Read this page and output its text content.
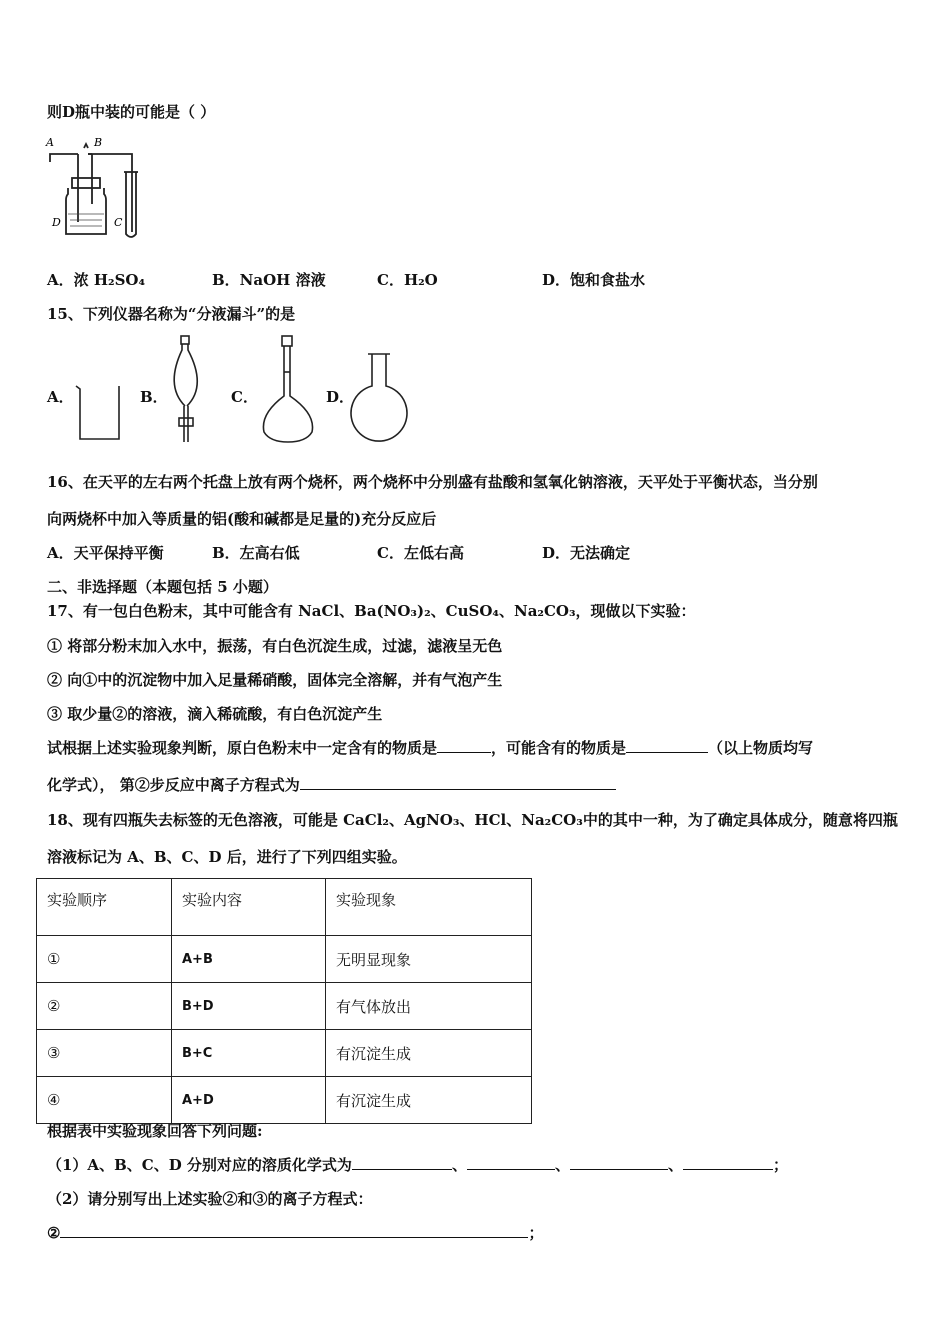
则D瓶中装的可能是（ ）
A	B
D	C
A．浓 H₂SO₄	B．NaOH 溶液	C．H₂O	D．饱和食盐水
15、下列仪器名称为“分液漏斗”的是
A．	B．	C．	D．
16、在天平的左右两个托盘上放有两个烧杯，两个烧杯中分别盛有盐酸和氢氧化钠溶液，天平处于平衡状态，当分别
向两烧杯中加入等质量的铝(酸和碱都是足量的)充分反应后
A．天平保持平衡	B．左高右低	C．左低右高	D．无法确定
二、非选择题（本题包括 5 小题）
17、有一包白色粉末，其中可能含有 NaCl、Ba(NO₃)₂、CuSO₄、Na₂CO₃，现做以下实验：
① 将部分粉末加入水中，振荡，有白色沉淀生成，过滤，滤液呈无色
② 向①中的沉淀物中加入足量稀硝酸，固体完全溶解，并有气泡产生
③ 取少量②的溶液，滴入稀硫酸，有白色沉淀产生
试根据上述实验现象判断，原白色粉末中一定含有的物质是	，可能含有的物质是	（以上物质均写
化学式）， 第②步反应中离子方程式为
18、现有四瓶失去标签的无色溶液，可能是 CaCl₂、AgNO₃、HCl、Na₂CO₃中的其中一种，为了确定具体成分，随意将四瓶
溶液标记为 A、B、C、D 后，进行了下列四组实验。
实验顺序	实验内容	实验现象
①	A+B	无明显现象
②	B+D	有气体放出
③	B+C	有沉淀生成
④	A+D	有沉淀生成
根据表中实验现象回答下列问题:
（1）A、B、C、D 分别对应的溶质化学式为	、	、	、	；
（2）请分别写出上述实验②和③的离子方程式：
②	；
